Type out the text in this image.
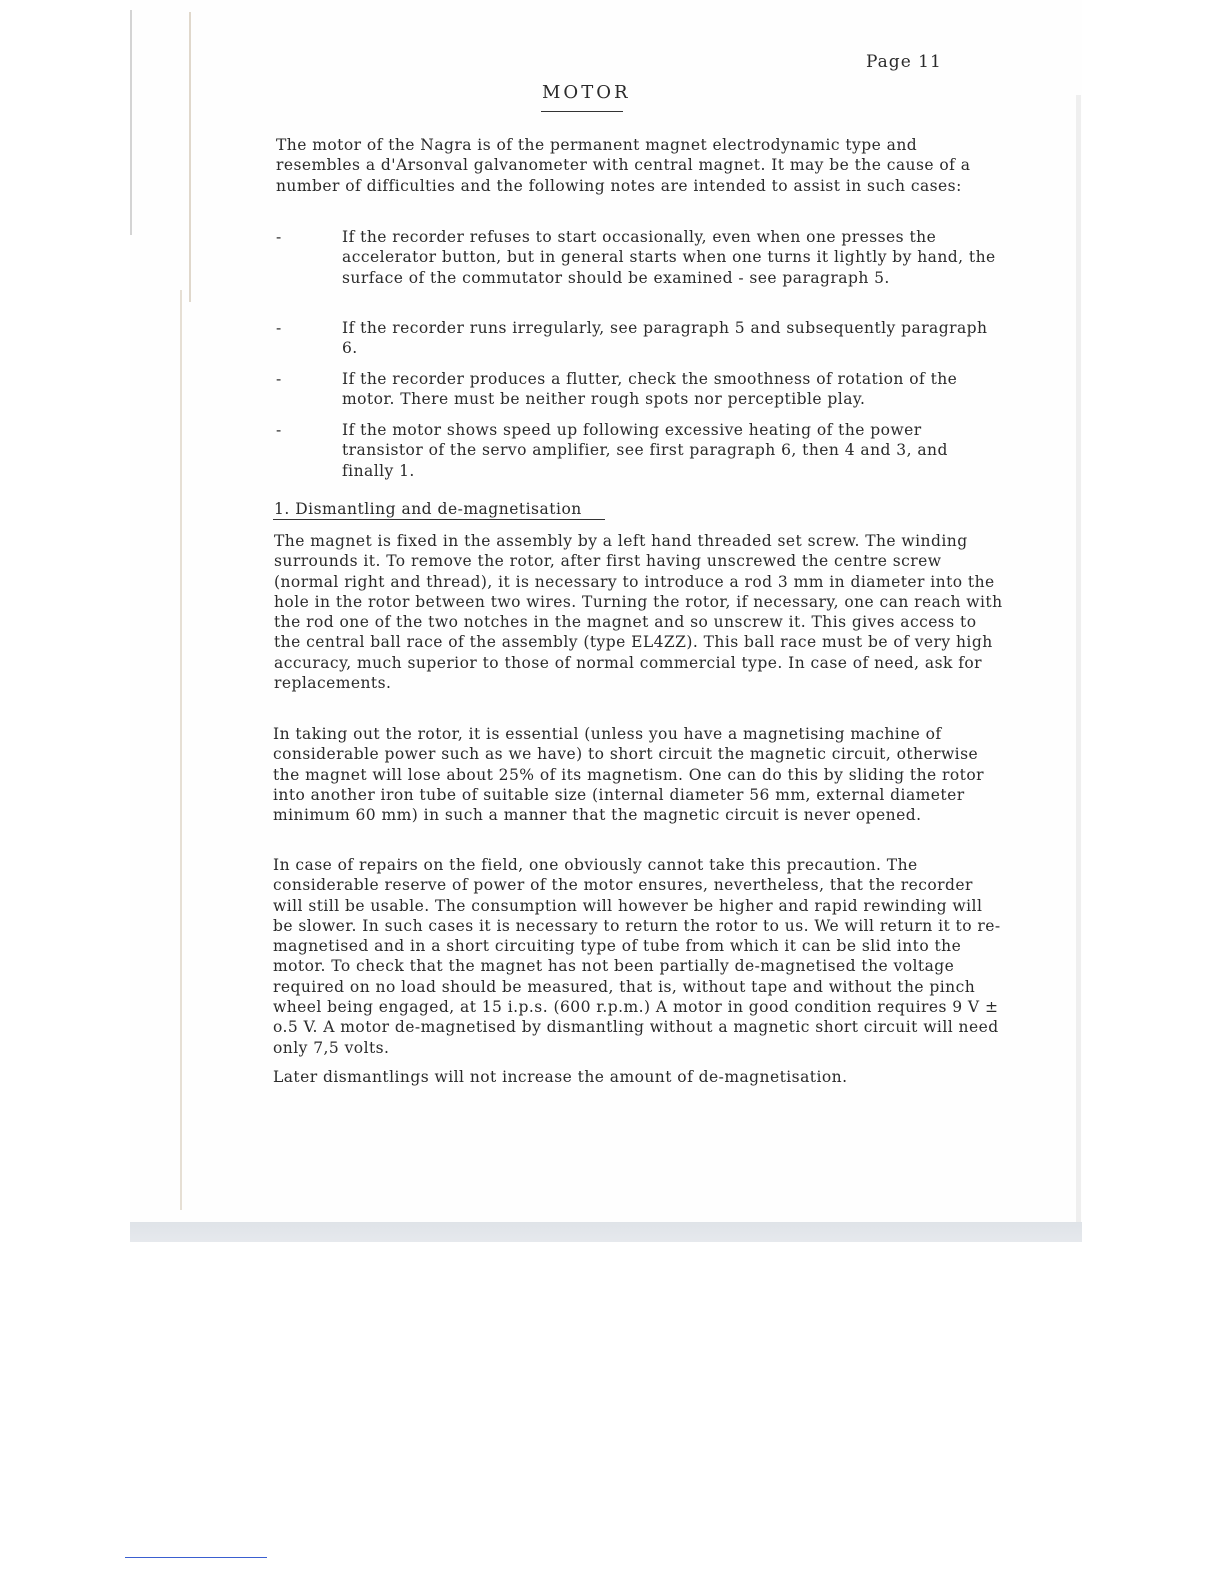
Page 11
MOTOR

The motor of the Nagra is of the permanent magnet electrodynamic type and resembles a d'Arsonval galvanometer with central magnet. It may be the cause of a number of difficulties and the following notes are intended to assist in such cases:

-	If the recorder refuses to start occasionally, even when one presses the accelerator button, but in general starts when one turns it lightly by hand, the surface of the commutator should be examined - see paragraph 5.
-	If the recorder runs irregularly, see paragraph 5 and subsequently paragraph 6.
-	If the recorder produces a flutter, check the smoothness of rotation of the motor. There must be neither rough spots nor perceptible play.
-	If the motor shows speed up following excessive heating of the power transistor of the servo amplifier, see first paragraph 6, then 4 and 3, and finally 1.
1. Dismantling and de-magnetisation

The magnet is fixed in the assembly by a left hand threaded set screw. The winding surrounds it. To remove the rotor, after first having unscrewed the centre screw (normal right and thread), it is necessary to introduce a rod 3 mm in diameter into the hole in the rotor between two wires. Turning the rotor, if necessary, one can reach with the rod one of the two notches in the magnet and so unscrew it. This gives access to the central ball race of the assembly (type EL4ZZ). This ball race must be of very high accuracy, much superior to those of normal commercial type. In case of need, ask for replacements.

In taking out the rotor, it is essential (unless you have a magnetising machine of considerable power such as we have) to short circuit the magnetic circuit, otherwise the magnet will lose about 25% of its magnetism. One can do this by sliding the rotor into another iron tube of suitable size (internal diameter 56 mm, external diameter minimum 60 mm) in such a manner that the magnetic circuit is never opened.

In case of repairs on the field, one obviously cannot take this precaution. The considerable reserve of power of the motor ensures, nevertheless, that the recorder will still be usable. The consumption will however be higher and rapid rewinding will be slower. In such cases it is necessary to return the rotor to us. We will return it to re-magnetised and in a short circuiting type of tube from which it can be slid into the motor. To check that the magnet has not been partially de-magnetised the voltage required on no load should be measured, that is, without tape and without the pinch wheel being engaged, at 15 i.p.s. (600 r.p.m.) A motor in good condition requires 9 V ± o.5 V. A motor de-magnetised by dismantling without a magnetic short circuit will need only 7,5 volts.

Later dismantlings will not increase the amount of de-magnetisation.
